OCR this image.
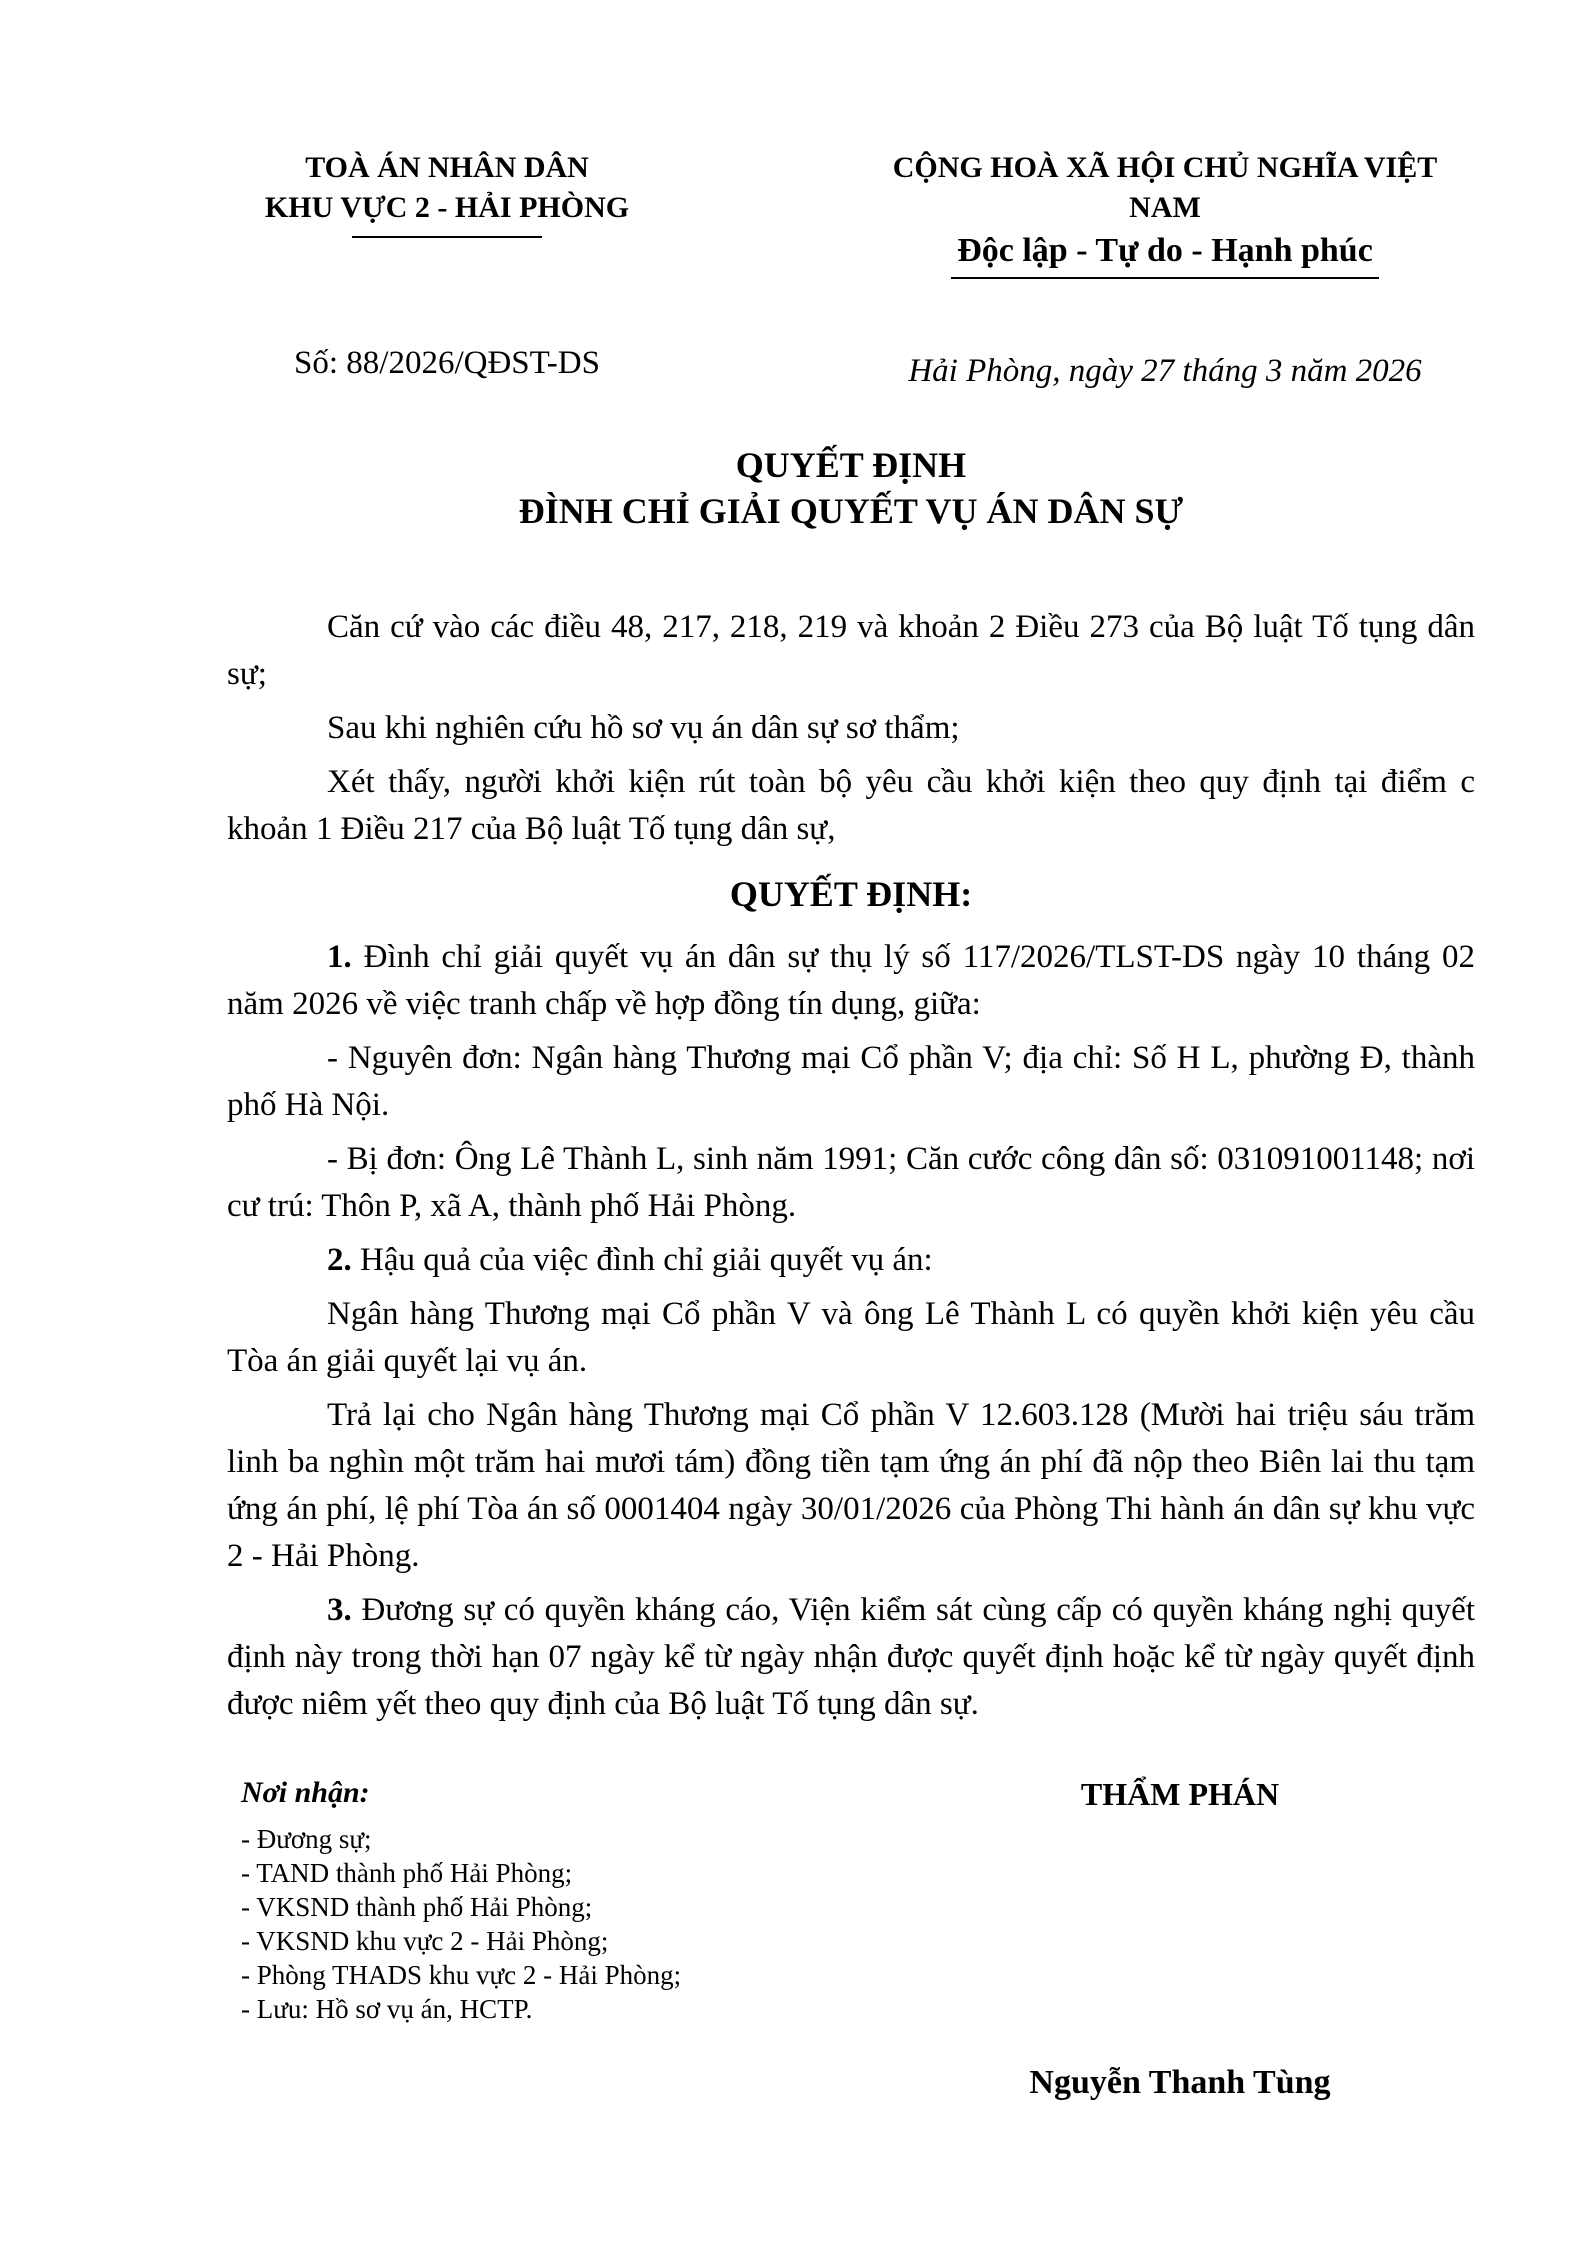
TOÀ ÁN NHÂN DÂN
KHU VỰC 2 - HẢI PHÒNG
CỘNG HOÀ XÃ HỘI CHỦ NGHĨA VIỆT NAM
Độc lập - Tự do - Hạnh phúc
Số: 88/2026/QĐST-DS	Hải Phòng, ngày 27 tháng 3 năm 2026
QUYẾT ĐỊNH
ĐÌNH CHỈ GIẢI QUYẾT VỤ ÁN DÂN SỰ

Căn cứ vào các điều 48, 217, 218, 219 và khoản 2 Điều 273 của Bộ luật Tố tụng dân sự;

Sau khi nghiên cứu hồ sơ vụ án dân sự sơ thẩm;

Xét thấy, người khởi kiện rút toàn bộ yêu cầu khởi kiện theo quy định tại điểm c khoản 1 Điều 217 của Bộ luật Tố tụng dân sự,

QUYẾT ĐỊNH:

1. Đình chỉ giải quyết vụ án dân sự thụ lý số 117/2026/TLST-DS ngày 10 tháng 02 năm 2026 về việc tranh chấp về hợp đồng tín dụng, giữa:

- Nguyên đơn: Ngân hàng Thương mại Cổ phần V; địa chỉ: Số H L, phường Đ, thành phố Hà Nội.

- Bị đơn: Ông Lê Thành L, sinh năm 1991; Căn cước công dân số: 031091001148; nơi cư trú: Thôn P, xã A, thành phố Hải Phòng.

2. Hậu quả của việc đình chỉ giải quyết vụ án:

Ngân hàng Thương mại Cổ phần V và ông Lê Thành L có quyền khởi kiện yêu cầu Tòa án giải quyết lại vụ án.

Trả lại cho Ngân hàng Thương mại Cổ phần V 12.603.128 (Mười hai triệu sáu trăm linh ba nghìn một trăm hai mươi tám) đồng tiền tạm ứng án phí đã nộp theo Biên lai thu tạm ứng án phí, lệ phí Tòa án số 0001404 ngày 30/01/2026 của Phòng Thi hành án dân sự khu vực 2 - Hải Phòng.

3. Đương sự có quyền kháng cáo, Viện kiểm sát cùng cấp có quyền kháng nghị quyết định này trong thời hạn 07 ngày kể từ ngày nhận được quyết định hoặc kể từ ngày quyết định được niêm yết theo quy định của Bộ luật Tố tụng dân sự.

Nơi nhận:
- Đương sự;
- TAND thành phố Hải Phòng;
- VKSND thành phố Hải Phòng;
- VKSND khu vực 2 - Hải Phòng;
- Phòng THADS khu vực 2 - Hải Phòng;
- Lưu: Hồ sơ vụ án, HCTP.
THẨM PHÁN
Nguyễn Thanh Tùng
